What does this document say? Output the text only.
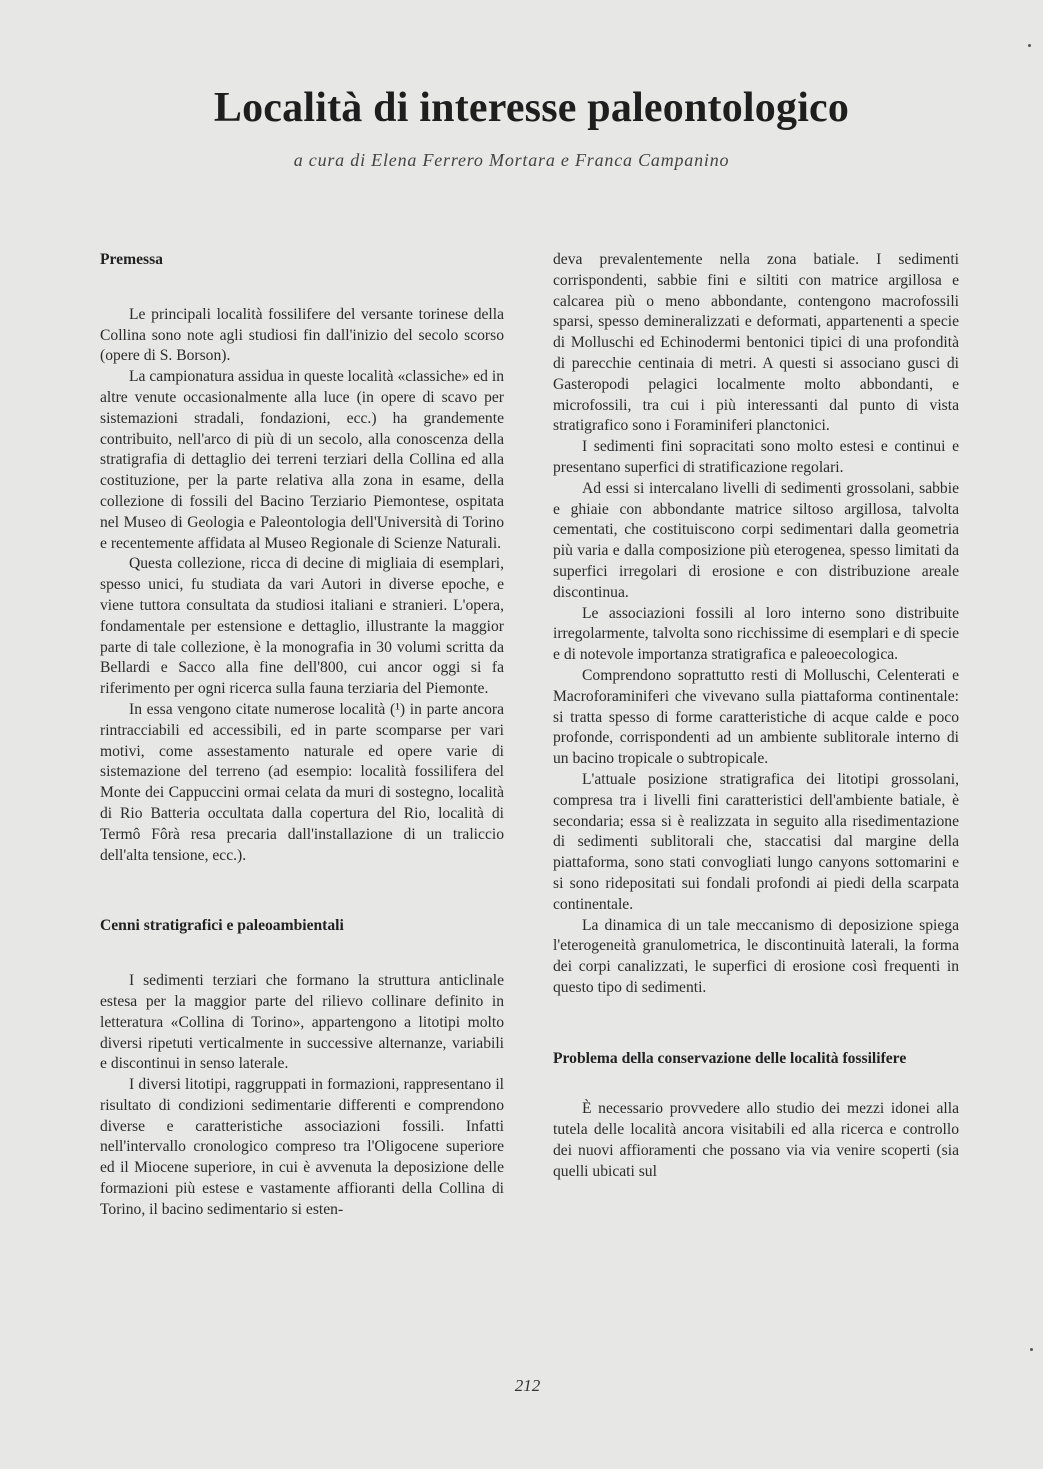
Località di interesse paleontologico

a cura di Elena Ferrero Mortara e Franca Campanino

Premessa

Le principali località fossilifere del versante torinese della Collina sono note agli studiosi fin dall'inizio del secolo scorso (opere di S. Borson).

La campionatura assidua in queste località «classiche» ed in altre venute occasionalmente alla luce (in opere di scavo per sistemazioni stradali, fondazioni, ecc.) ha grandemente contribuito, nell'arco di più di un secolo, alla conoscenza della stratigrafia di dettaglio dei terreni terziari della Collina ed alla costituzione, per la parte relativa alla zona in esame, della collezione di fossili del Bacino Terziario Piemontese, ospitata nel Museo di Geologia e Paleontologia dell'Università di Torino e recentemente affidata al Museo Regionale di Scienze Naturali.

Questa collezione, ricca di decine di migliaia di esemplari, spesso unici, fu studiata da vari Autori in diverse epoche, e viene tuttora consultata da studiosi italiani e stranieri. L'opera, fondamentale per estensione e dettaglio, illustrante la maggior parte di tale collezione, è la monografia in 30 volumi scritta da Bellardi e Sacco alla fine dell'800, cui ancor oggi si fa riferimento per ogni ricerca sulla fauna terziaria del Piemonte.

In essa vengono citate numerose località (¹) in parte ancora rintracciabili ed accessibili, ed in parte scomparse per vari motivi, come assestamento naturale ed opere varie di sistemazione del terreno (ad esempio: località fossilifera del Monte dei Cappuccini ormai celata da muri di sostegno, località di Rio Batteria occultata dalla copertura del Rio, località di Termô Fôrà resa precaria dall'installazione di un traliccio dell'alta tensione, ecc.).

Cenni stratigrafici e paleoambientali

I sedimenti terziari che formano la struttura anticlinale estesa per la maggior parte del rilievo collinare definito in letteratura «Collina di Torino», appartengono a litotipi molto diversi ripetuti verticalmente in successive alternanze, variabili e discontinui in senso laterale.

I diversi litotipi, raggruppati in formazioni, rappresentano il risultato di condizioni sedimentarie differenti e comprendono diverse e caratteristiche associazioni fossili. Infatti nell'intervallo cronologico compreso tra l'Oligocene superiore ed il Miocene superiore, in cui è avvenuta la deposizione delle formazioni più estese e vastamente affioranti della Collina di Torino, il bacino sedimentario si esten-

deva prevalentemente nella zona batiale. I sedimenti corrispondenti, sabbie fini e siltiti con matrice argillosa e calcarea più o meno abbondante, contengono macrofossili sparsi, spesso demineralizzati e deformati, appartenenti a specie di Molluschi ed Echinodermi bentonici tipici di una profondità di parecchie centinaia di metri. A questi si associano gusci di Gasteropodi pelagici localmente molto abbondanti, e microfossili, tra cui i più interessanti dal punto di vista stratigrafico sono i Foraminiferi planctonici.

I sedimenti fini sopracitati sono molto estesi e continui e presentano superfici di stratificazione regolari.

Ad essi si intercalano livelli di sedimenti grossolani, sabbie e ghiaie con abbondante matrice siltoso argillosa, talvolta cementati, che costituiscono corpi sedimentari dalla geometria più varia e dalla composizione più eterogenea, spesso limitati da superfici irregolari di erosione e con distribuzione areale discontinua.

Le associazioni fossili al loro interno sono distribuite irregolarmente, talvolta sono ricchissime di esemplari e di specie e di notevole importanza stratigrafica e paleoecologica.

Comprendono soprattutto resti di Molluschi, Celenterati e Macroforaminiferi che vivevano sulla piattaforma continentale: si tratta spesso di forme caratteristiche di acque calde e poco profonde, corrispondenti ad un ambiente sublitorale interno di un bacino tropicale o subtropicale.

L'attuale posizione stratigrafica dei litotipi grossolani, compresa tra i livelli fini caratteristici dell'ambiente batiale, è secondaria; essa si è realizzata in seguito alla risedimentazione di sedimenti sublitorali che, staccatisi dal margine della piattaforma, sono stati convogliati lungo canyons sottomarini e si sono ridepositati sui fondali profondi ai piedi della scarpata continentale.

La dinamica di un tale meccanismo di deposizione spiega l'eterogeneità granulometrica, le discontinuità laterali, la forma dei corpi canalizzati, le superfici di erosione così frequenti in questo tipo di sedimenti.

Problema della conservazione delle località fossilifere

È necessario provvedere allo studio dei mezzi idonei alla tutela delle località ancora visitabili ed alla ricerca e controllo dei nuovi affioramenti che possano via via venire scoperti (sia quelli ubicati sul

212
